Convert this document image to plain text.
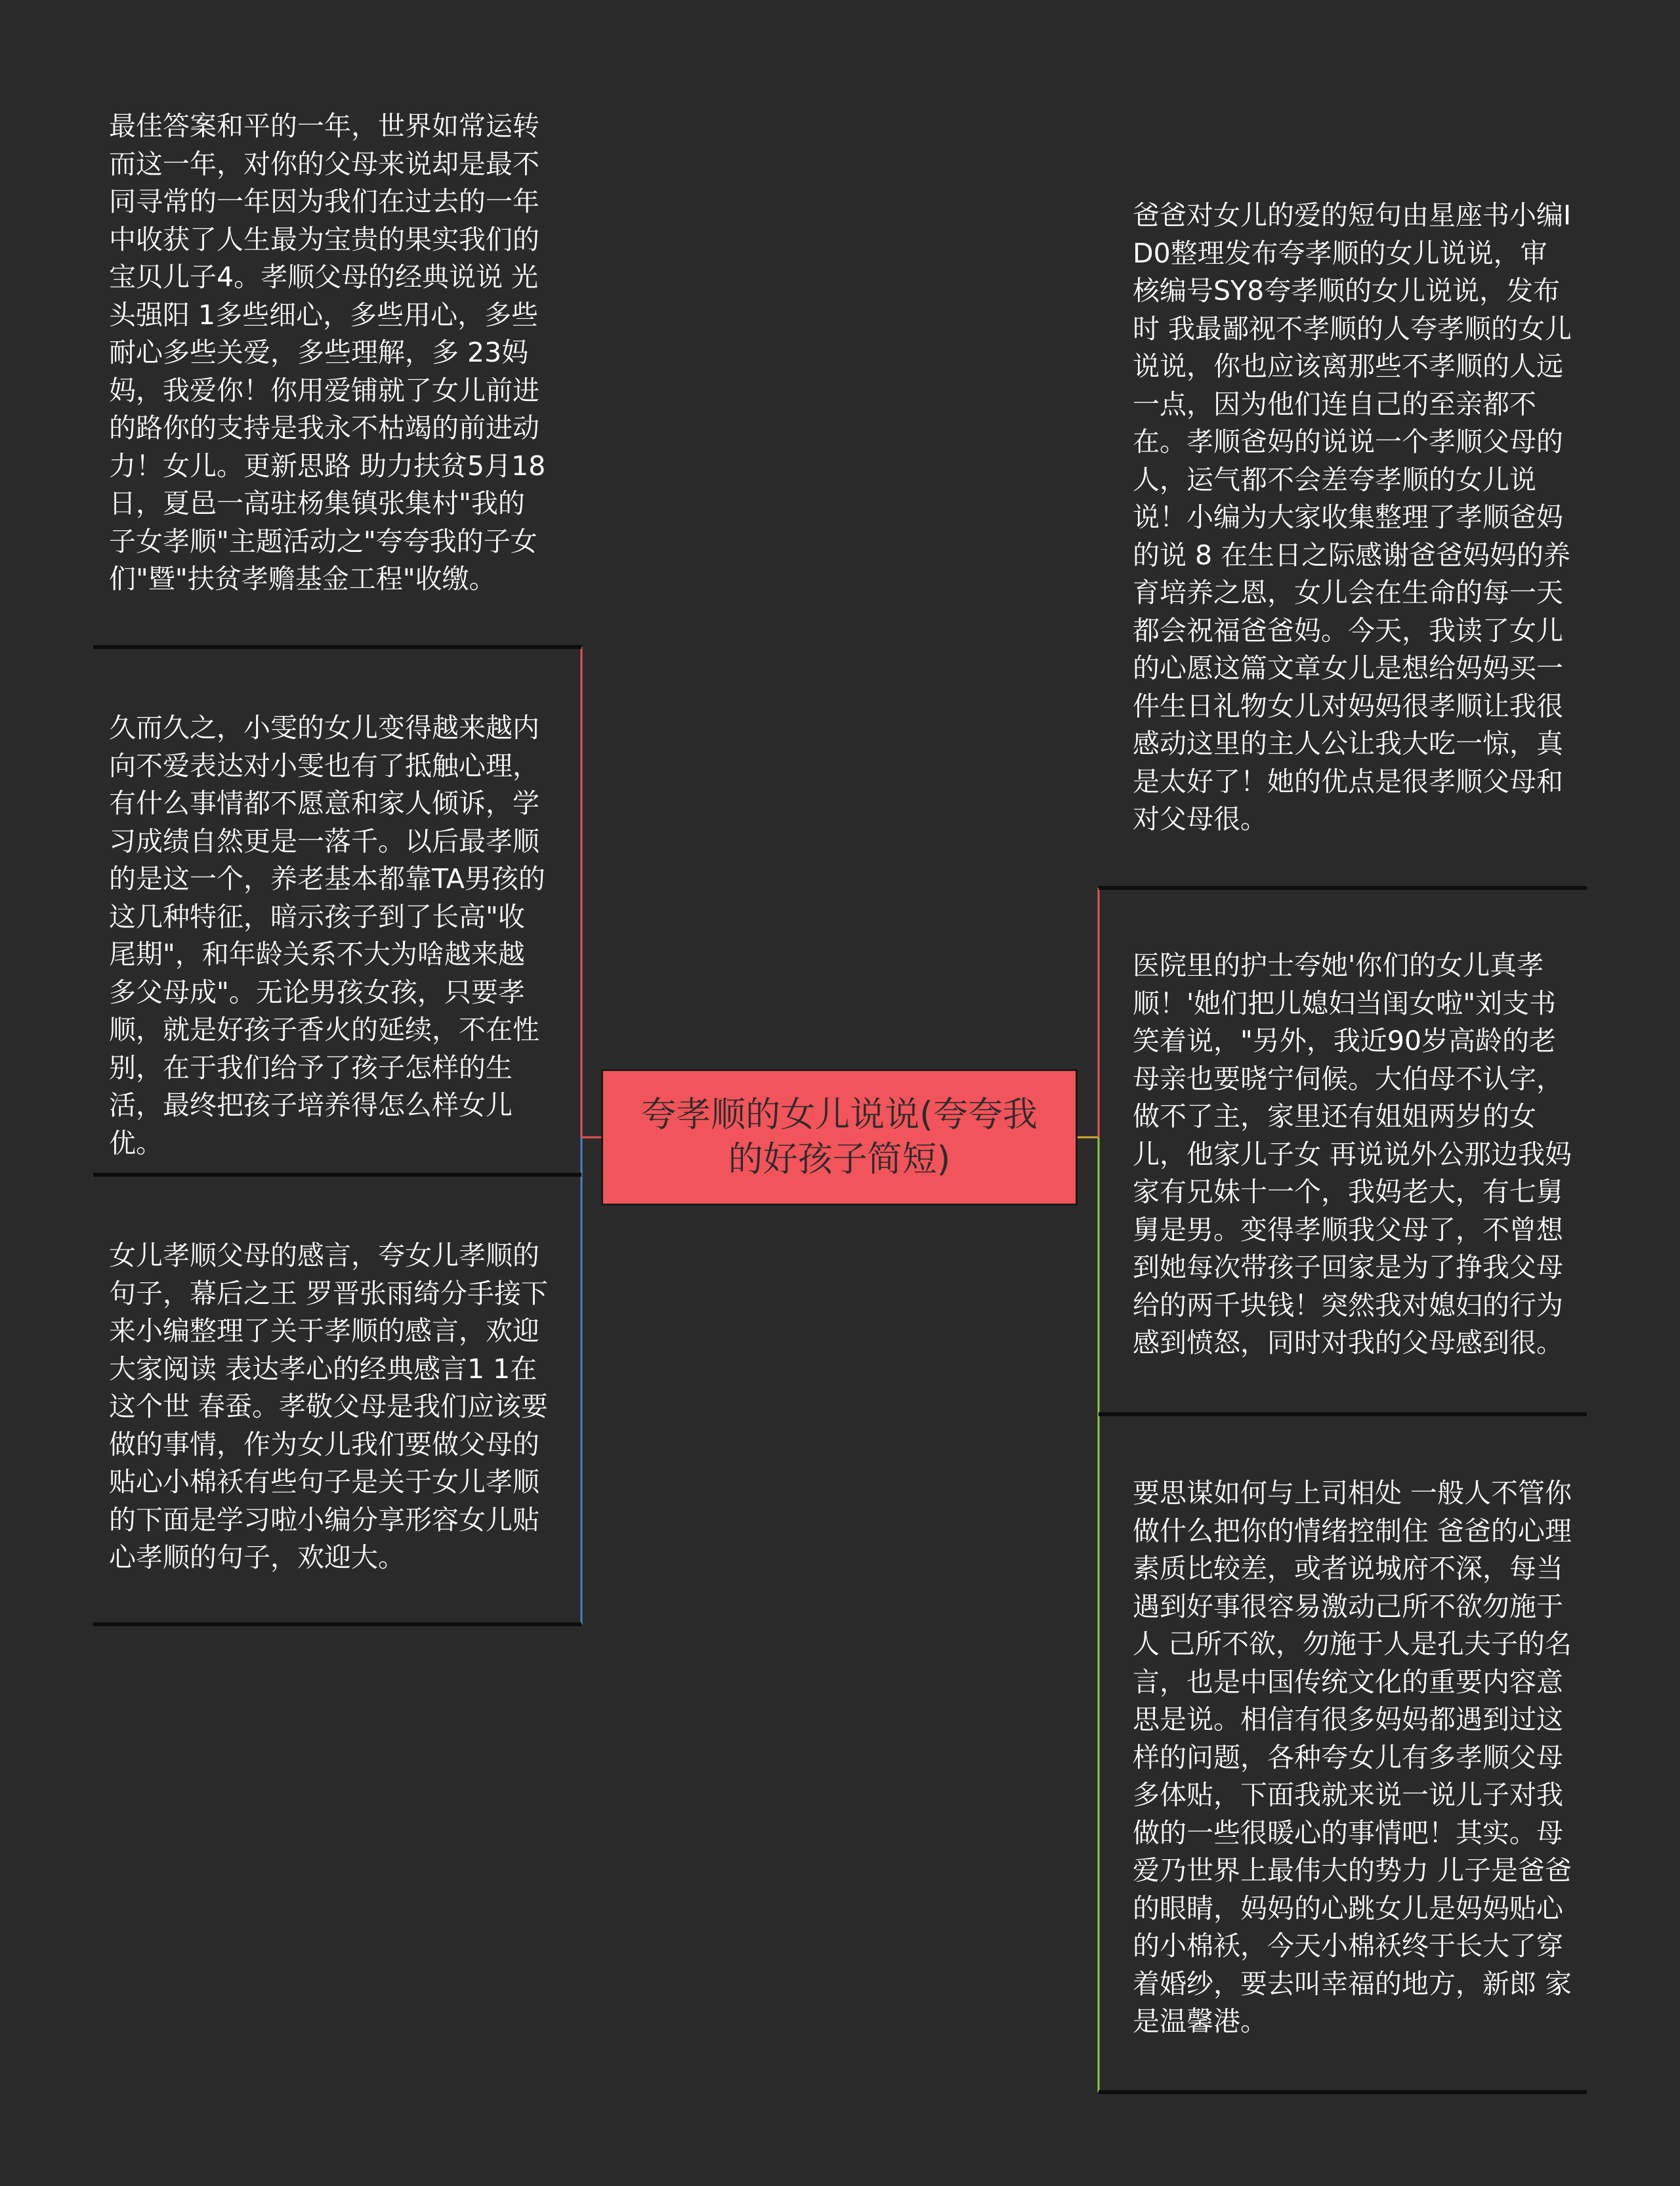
夸孝顺的女儿说说(夸夸我的好孩子简短)

最佳答案和平的一年，世界如常运转而这一年，对你的父母来说却是最不同寻常的一年因为我们在过去的一年中收获了人生最为宝贵的果实我们的宝贝儿子4。孝顺父母的经典说说 光头强阳 1多些细心，多些用心，多些耐心多些关爱，多些理解，多 23妈妈，我爱你！你用爱铺就了女儿前进的路你的支持是我永不枯竭的前进动力！女儿。更新思路 助力扶贫5月18日，夏邑一高驻杨集镇张集村"我的子女孝顺"主题活动之"夸夸我的子女们"暨"扶贫孝赡基金工程"收缴。

久而久之，小雯的女儿变得越来越内向不爱表达对小雯也有了抵触心理，有什么事情都不愿意和家人倾诉，学习成绩自然更是一落千。以后最孝顺的是这一个，养老基本都靠TA男孩的这几种特征，暗示孩子到了长高"收尾期"，和年龄关系不大为啥越来越多父母成"。无论男孩女孩，只要孝顺，就是好孩子香火的延续，不在性别，在于我们给予了孩子怎样的生活，最终把孩子培养得怎么样女儿优。

女儿孝顺父母的感言，夸女儿孝顺的句子，幕后之王 罗晋张雨绮分手接下来小编整理了关于孝顺的感言，欢迎大家阅读 表达孝心的经典感言1 1在这个世 春蚕。孝敬父母是我们应该要做的事情，作为女儿我们要做父母的贴心小棉袄有些句子是关于女儿孝顺的下面是学习啦小编分享形容女儿贴心孝顺的句子，欢迎大。

爸爸对女儿的爱的短句由星座书小编ID0整理发布夸孝顺的女儿说说，审核编号SY8夸孝顺的女儿说说，发布时 我最鄙视不孝顺的人夸孝顺的女儿说说，你也应该离那些不孝顺的人远一点，因为他们连自己的至亲都不在。孝顺爸妈的说说一个孝顺父母的人，运气都不会差夸孝顺的女儿说说！小编为大家收集整理了孝顺爸妈的说 8 在生日之际感谢爸爸妈妈的养育培养之恩，女儿会在生命的每一天都会祝福爸爸妈。今天，我读了女儿的心愿这篇文章女儿是想给妈妈买一件生日礼物女儿对妈妈很孝顺让我很感动这里的主人公让我大吃一惊，真是太好了！她的优点是很孝顺父母和对父母很。

医院里的护士夸她'你们的女儿真孝顺！'她们把儿媳妇当闺女啦"刘支书笑着说，"另外，我近90岁高龄的老母亲也要晓宁伺候。大伯母不认字，做不了主，家里还有姐姐两岁的女儿，他家儿子女 再说说外公那边我妈家有兄妹十一个，我妈老大，有七舅舅是男。变得孝顺我父母了，不曾想到她每次带孩子回家是为了挣我父母给的两千块钱！突然我对媳妇的行为感到愤怒，同时对我的父母感到很。

要思谋如何与上司相处 一般人不管你做什么把你的情绪控制住 爸爸的心理素质比较差，或者说城府不深，每当遇到好事很容易激动己所不欲勿施于人 己所不欲，勿施于人是孔夫子的名言，也是中国传统文化的重要内容意思是说。相信有很多妈妈都遇到过这样的问题，各种夸女儿有多孝顺父母多体贴，下面我就来说一说儿子对我做的一些很暖心的事情吧！其实。母爱乃世界上最伟大的势力 儿子是爸爸的眼睛，妈妈的心跳女儿是妈妈贴心的小棉袄，今天小棉袄终于长大了穿着婚纱，要去叫幸福的地方，新郎 家是温馨港。
